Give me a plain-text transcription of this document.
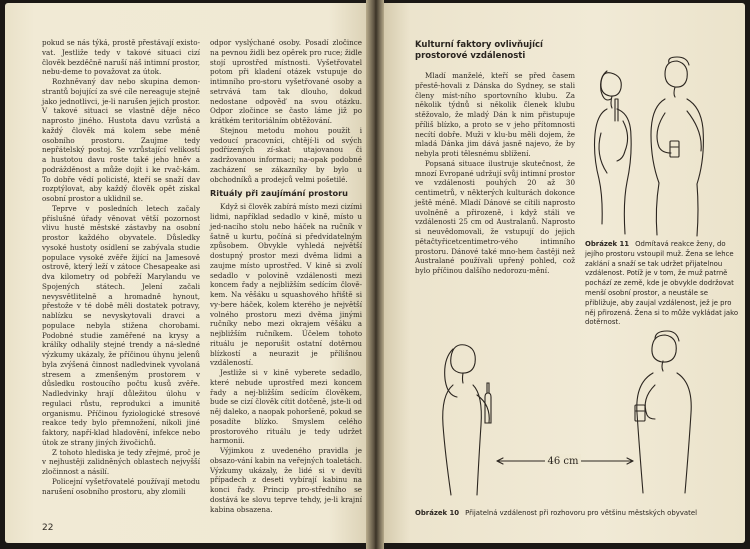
pokud se nás týká, prostě přestávají existo-vat. Jestliže tedy v takové situaci cizí člověk bezděčně naruší náš intimní prostor, nebu-deme to považovat za útok.

Rozhněvaný dav nebo skupina demon-strantů bojující za své cíle nereaguje stejně jako jednotlivci, je-li narušen jejich prostor. V takové situaci se vlastně děje něco naprosto jiného. Hustota davu vzrůstá a každý člověk má kolem sebe méně osobního prostoru. Zaujme tedy nepřátelský postoj. Se vzrůstající velikostí a hustotou davu roste také jeho hněv a podrážděnost a může dojít i ke rvač-kám. To dobře vědí policisté, kteří se snaží dav rozptýlovat, aby každý člověk opět získal osobní prostor a uklidnil se.

Teprve v posledních letech začaly příslušné úřady věnovat větší pozornost vlivu husté městské zástavby na osobní prostor každého obyvatele. Důsledky vysoké hustoty osídlení se zabývala studie populace vysoké zvěře žijící na Jamesově ostrově, který leží v zátoce Chesapeake asi dva kilometry od pobřeží Marylandu ve Spojených státech. Jelení začali nevysvětlitelně a hromadně hynout, přestože v té době měli dostatek potravy, nablízku se nevyskytovali dravci a populace nebyla stižena chorobami. Podobné studie zaměřené na krysy a králíky odhalily stejné trendy a ná-sledné výzkumy ukázaly, že příčinou úhynu jelenů byla zvýšená činnost nadledvinek vyvolaná stresem a zmenšeným prostorem v důsledku rostoucího počtu kusů zvěře. Nadledvinky hrají důležitou úlohu v regulaci růstu, reprodukci a imunitě organismu. Příčinou fyziologické stresové reakce tedy bylo přemnožení, nikoli jiné faktory, napří-klad hladovění, infekce nebo útok ze strany jiných živočichů.

Z tohoto hlediska je tedy zřejmé, proč je v nejhustěji zalidněných oblastech nejvyšší zločinnost a násilí.

Policejní vyšetřovatelé používají metodu narušení osobního prostoru, aby zlomili

odpor vyslýchané osoby. Posadí zločince na pevnou židli bez opěrek pro ruce; židle stojí uprostřed místnosti. Vyšetřovatel potom při kladení otázek vstupuje do intimního pro-storu vyšetřované osoby a setrvává tam tak dlouho, dokud nedostane odpověď na svou otázku. Odpor zločince se často láme již po krátkém teritoriálním obtěžování.

Stejnou metodu mohou použít i vedoucí pracovníci, chtějí-li od svých podřízených zí-skat utajovanou či zadržovanou informaci; na-opak podobné zacházení se zákazníky by bylo u obchodníků a prodejců velmi pošetilé.

Rituály při zaujímání prostoru

Když si člověk zabírá místo mezi cizími lidmi, například sedadlo v kině, místo u jed-nacího stolu nebo háček na ručník v šatně u kurtu, počíná si předvídatelným způsobem. Obvykle vyhledá největší dostupný prostor mezi dvěma lidmi a zaujme místo uprostřed. V kině si zvolí sedadlo v polovině vzdálenosti mezi koncem řady a nejbližším sedícím člově-kem. Na věšáku u squashového hřiště si vy-bere háček, kolem kterého je největší volného prostoru mezi dvěma jinými ručníky nebo mezi okrajem věšáku a nejbližším ručníkem. Účelem tohoto rituálu je neporušit ostatní dotěrnou blízkostí a neurazit je přílišnou vzdáleností.

Jestliže si v kině vyberete sedadlo, které nebude uprostřed mezi koncem řady a nej-bližším sedícím člověkem, bude se cizí člověk cítit dotčeně, jste-li od něj daleko, a naopak pohoršeně, pokud se posadíte blízko. Smyslem celého prostorového rituálu je tedy udržet harmonii.

Výjimkou z uvedeného pravidla je obsazo-vání kabin na veřejných toaletách. Výzkumy ukázaly, že lidé si v devíti případech z deseti vybírají kabinu na konci řady. Princip pro-středního se dostává ke slovu teprve tehdy, je-li krajní kabina obsazena.

22
Kulturní faktory ovlivňující prostorové vzdálenosti

Mladí manželé, kteří se před časem přestě-hovali z Dánska do Sydney, se stali členy míst-ního sportovního klubu. Za několik týdnů si několik členek klubu stěžovalo, že mladý Dán k nim přistupuje příliš blízko, a proto se v jeho přítomnosti necítí dobře. Muži v klu-bu měli dojem, že mladá Dánka jim dává jasně najevo, že by nebyla proti tělesnému sblížení.

Popsaná situace ilustruje skutečnost, že mnozí Evropané udržují svůj intimní prostor ve vzdálenosti pouhých 20 až 30 centimetrů, v některých kulturách dokonce ještě méně. Mladí Dánové se cítili naprosto uvolněně a přirozeně, i když stáli ve vzdálenosti 25 cm od Australanů. Naprosto si neuvědomovali, že vstupují do jejich pětačtyřicetcentimetro-vého intimního prostoru. Dánové také mno-hem častěji než Australané používali upřený pohled, což bylo příčinou dalšího nedorozu-mění.

Obrázek 11 Odmítavá reakce ženy, do jejího prostoru vstoupil muž. Žena se lehce zaklání a snaží se tak udržet přijatelnou vzdálenost. Potíž je v tom, že muž patrně pochází ze země, kde je obvykle dodržovat menší osobní prostor, a neustále se přibližuje, aby zaujal vzdálenost, jež je pro něj přirozená. Žena si to může vykládat jako dotěrnost.
46 cm
Obrázek 10 Přijatelná vzdálenost při rozhovoru pro většinu městských obyvatel
